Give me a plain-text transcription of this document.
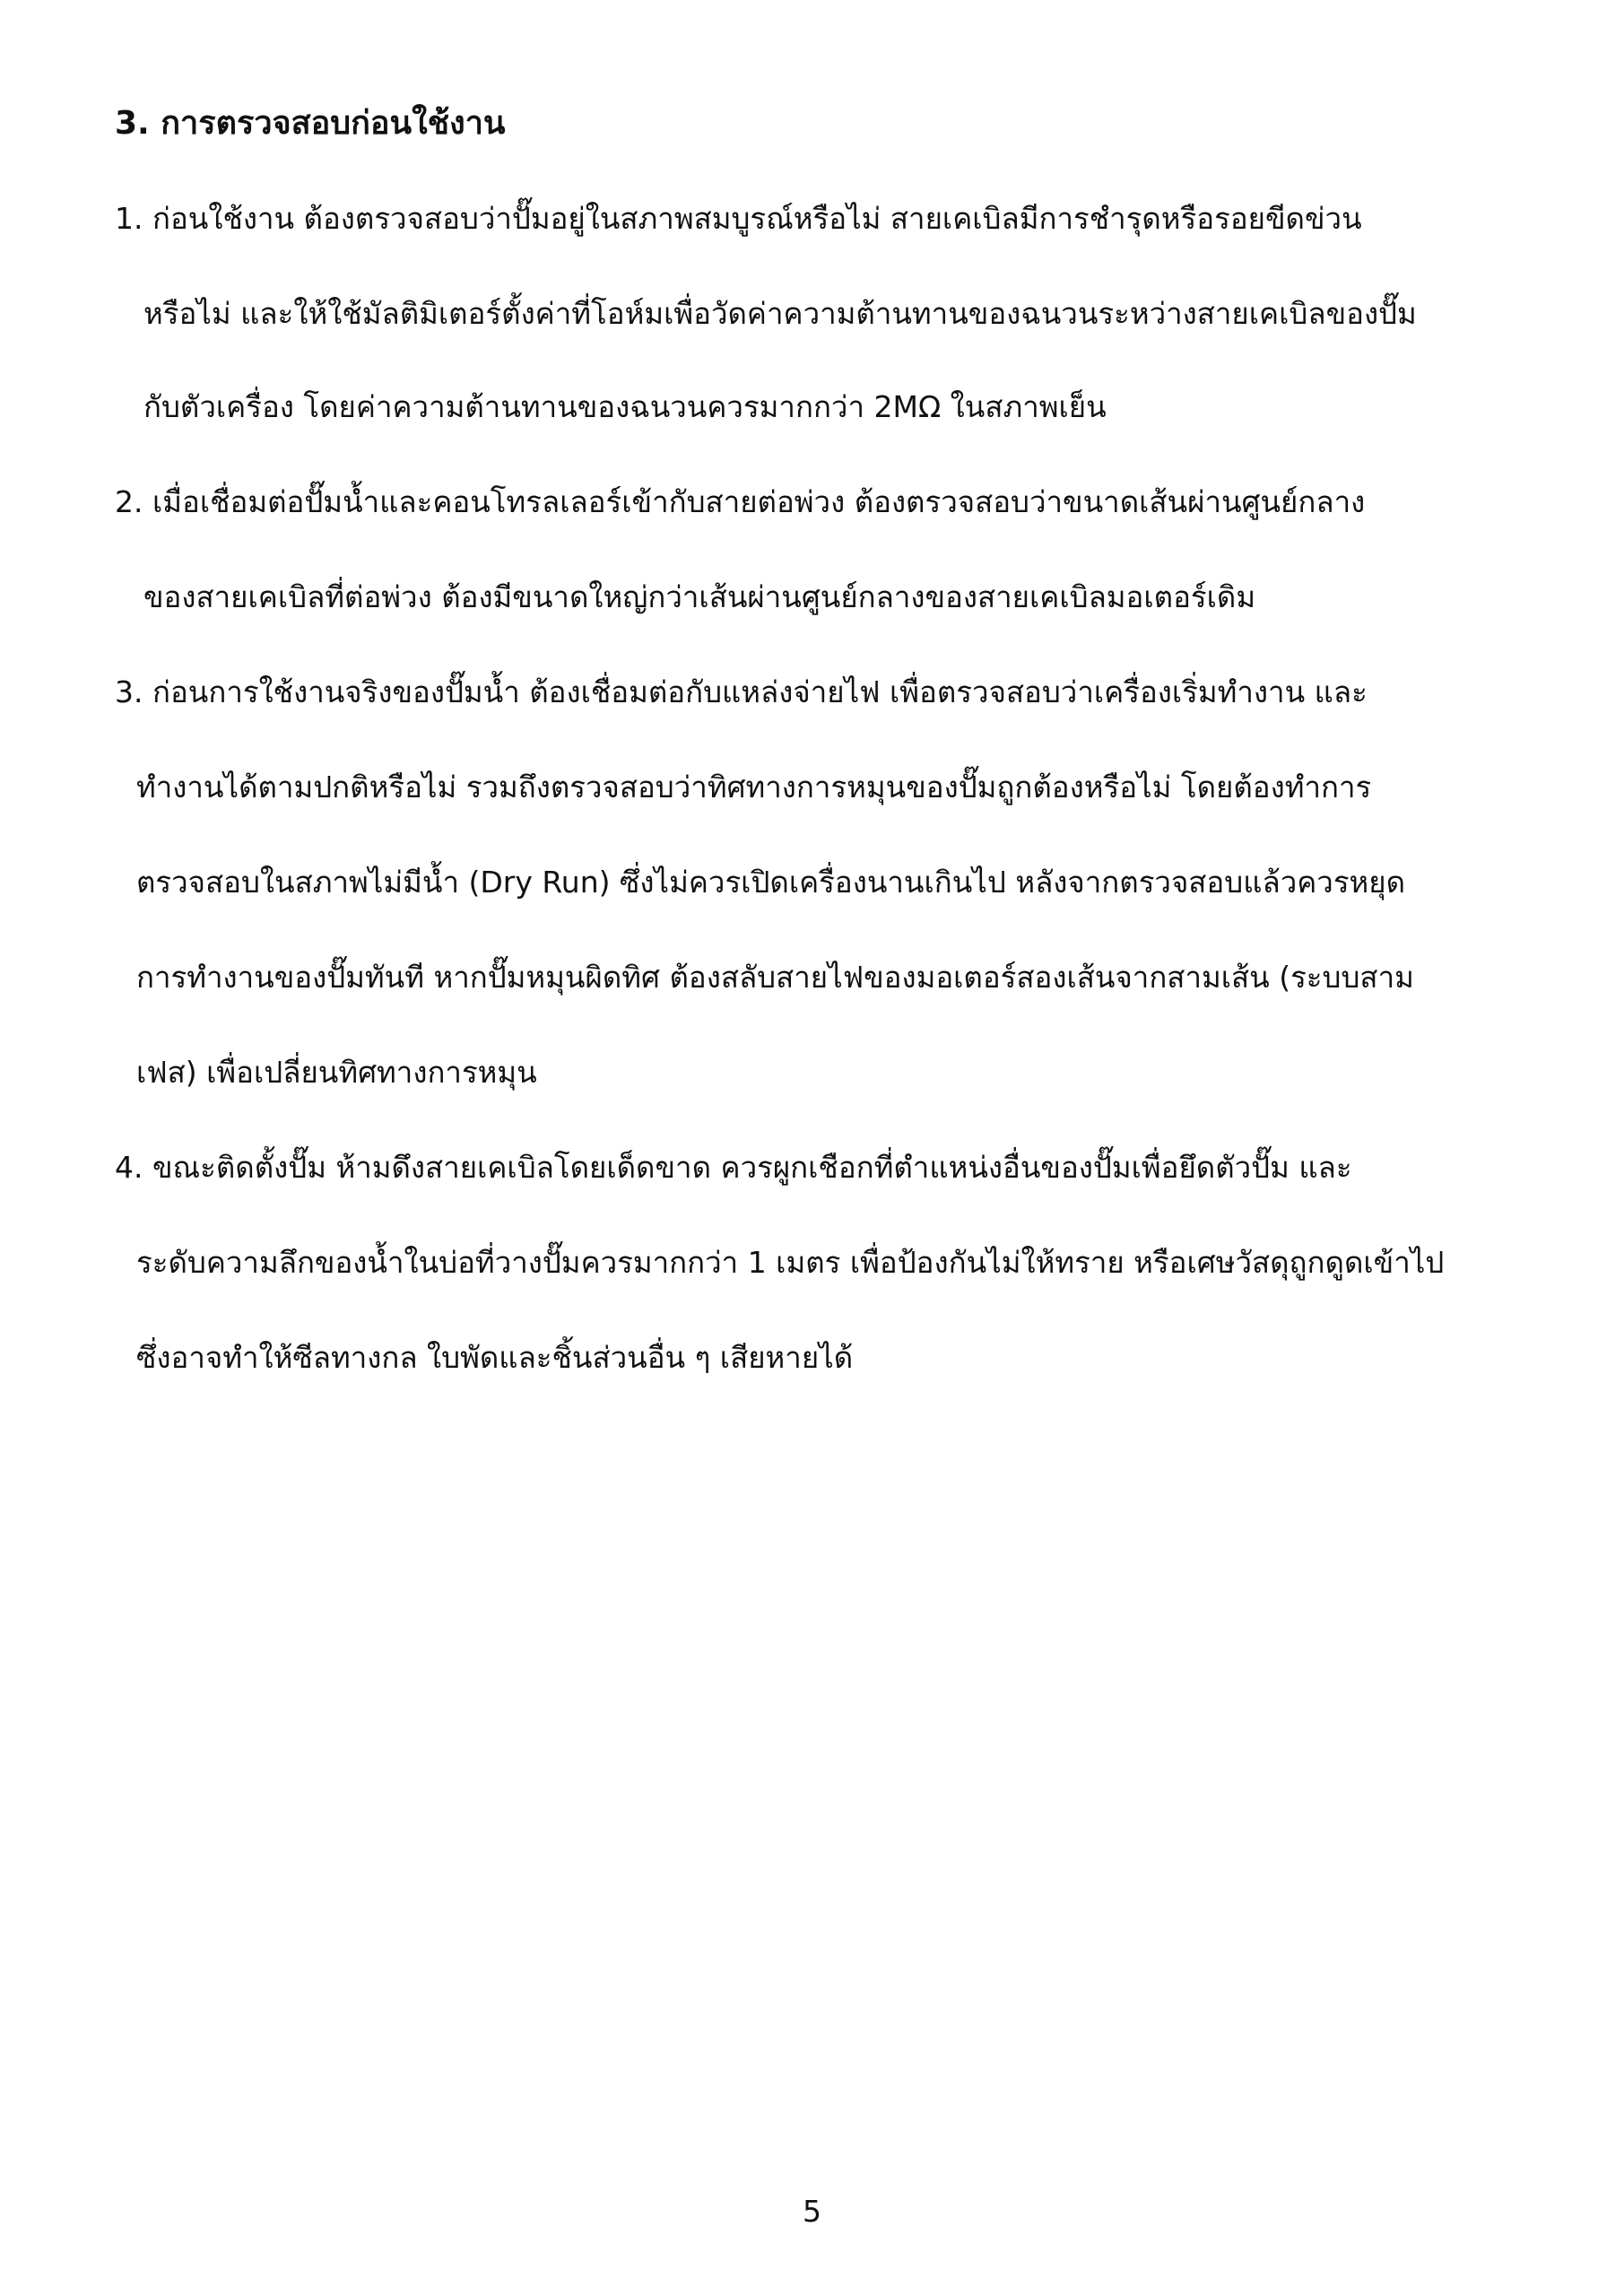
3. การตรวจสอบก่อนใช้งาน
1. ก่อนใช้งาน ต้องตรวจสอบว่าปั๊มอยู่ในสภาพสมบูรณ์หรือไม่ สายเคเบิลมีการชำรุดหรือรอยขีดข่วน
หรือไม่ และให้ใช้มัลติมิเตอร์ตั้งค่าที่โอห์มเพื่อวัดค่าความต้านทานของฉนวนระหว่างสายเคเบิลของปั๊ม
กับตัวเครื่อง โดยค่าความต้านทานของฉนวนควรมากกว่า 2MΩ ในสภาพเย็น
2. เมื่อเชื่อมต่อปั๊มน้ำและคอนโทรลเลอร์เข้ากับสายต่อพ่วง ต้องตรวจสอบว่าขนาดเส้นผ่านศูนย์กลาง
ของสายเคเบิลที่ต่อพ่วง ต้องมีขนาดใหญ่กว่าเส้นผ่านศูนย์กลางของสายเคเบิลมอเตอร์เดิม
3. ก่อนการใช้งานจริงของปั๊มน้ำ ต้องเชื่อมต่อกับแหล่งจ่ายไฟ เพื่อตรวจสอบว่าเครื่องเริ่มทำงาน และ
ทำงานได้ตามปกติหรือไม่ รวมถึงตรวจสอบว่าทิศทางการหมุนของปั๊มถูกต้องหรือไม่ โดยต้องทำการ
ตรวจสอบในสภาพไม่มีน้ำ (Dry Run) ซึ่งไม่ควรเปิดเครื่องนานเกินไป หลังจากตรวจสอบแล้วควรหยุด
การทำงานของปั๊มทันที หากปั๊มหมุนผิดทิศ ต้องสลับสายไฟของมอเตอร์สองเส้นจากสามเส้น (ระบบสาม
เฟส) เพื่อเปลี่ยนทิศทางการหมุน
4. ขณะติดตั้งปั๊ม ห้ามดึงสายเคเบิลโดยเด็ดขาด ควรผูกเชือกที่ตำแหน่งอื่นของปั๊มเพื่อยึดตัวปั๊ม และ
ระดับความลึกของน้ำในบ่อที่วางปั๊มควรมากกว่า 1 เมตร เพื่อป้องกันไม่ให้ทราย หรือเศษวัสดุถูกดูดเข้าไป
ซึ่งอาจทำให้ซีลทางกล ใบพัดและชิ้นส่วนอื่น ๆ เสียหายได้
5
